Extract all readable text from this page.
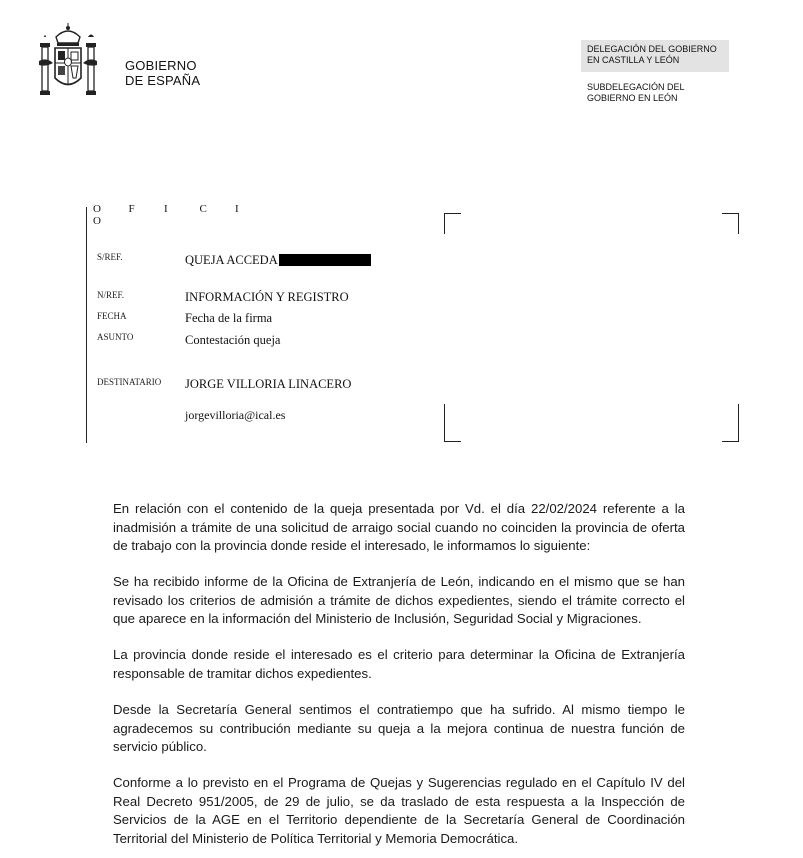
GOBIERNO
DE ESPAÑA
DELEGACIÓN DEL GOBIERNO
EN CASTILLA Y LEÓN
SUBDELEGACIÓN DEL
GOBIERNO EN LEÓN
O	F	I	C	IO
S/REF.	QUEJA ACCEDA
N/REF.	INFORMACIÓN Y REGISTRO
FECHA	Fecha de la firma
ASUNTO	Contestación queja
DESTINATARIO JORGE VILLORIA LINACERO
jorgevilloria@ical.es
En relación con el contenido de la queja presentada por Vd. el día 22/02/2024 referente a la inadmisión a trámite de una solicitud de arraigo social cuando no coinciden la provincia de oferta de trabajo con la provincia donde reside el interesado, le informamos lo siguiente:
Se ha recibido informe de la Oficina de Extranjería de León, indicando en el mismo que se han revisado los criterios de admisión a trámite de dichos expedientes, siendo el trámite correcto el que aparece en la información del Ministerio de Inclusión, Seguridad Social y Migraciones.
La provincia donde reside el interesado es el criterio para determinar la Oficina de Extranjería responsable de tramitar dichos expedientes.
Desde la Secretaría General sentimos el contratiempo que ha sufrido. Al mismo tiempo le agradecemos su contribución mediante su queja a la mejora continua de nuestra función de servicio público.
Conforme a lo previsto en el Programa de Quejas y Sugerencias regulado en el Capítulo IV del Real Decreto 951/2005, de 29 de julio, se da traslado de esta respuesta a la Inspección de Servicios de la AGE en el Territorio dependiente de la Secretaría General de Coordinación Territorial del Ministerio de Política Territorial y Memoria Democrática.
